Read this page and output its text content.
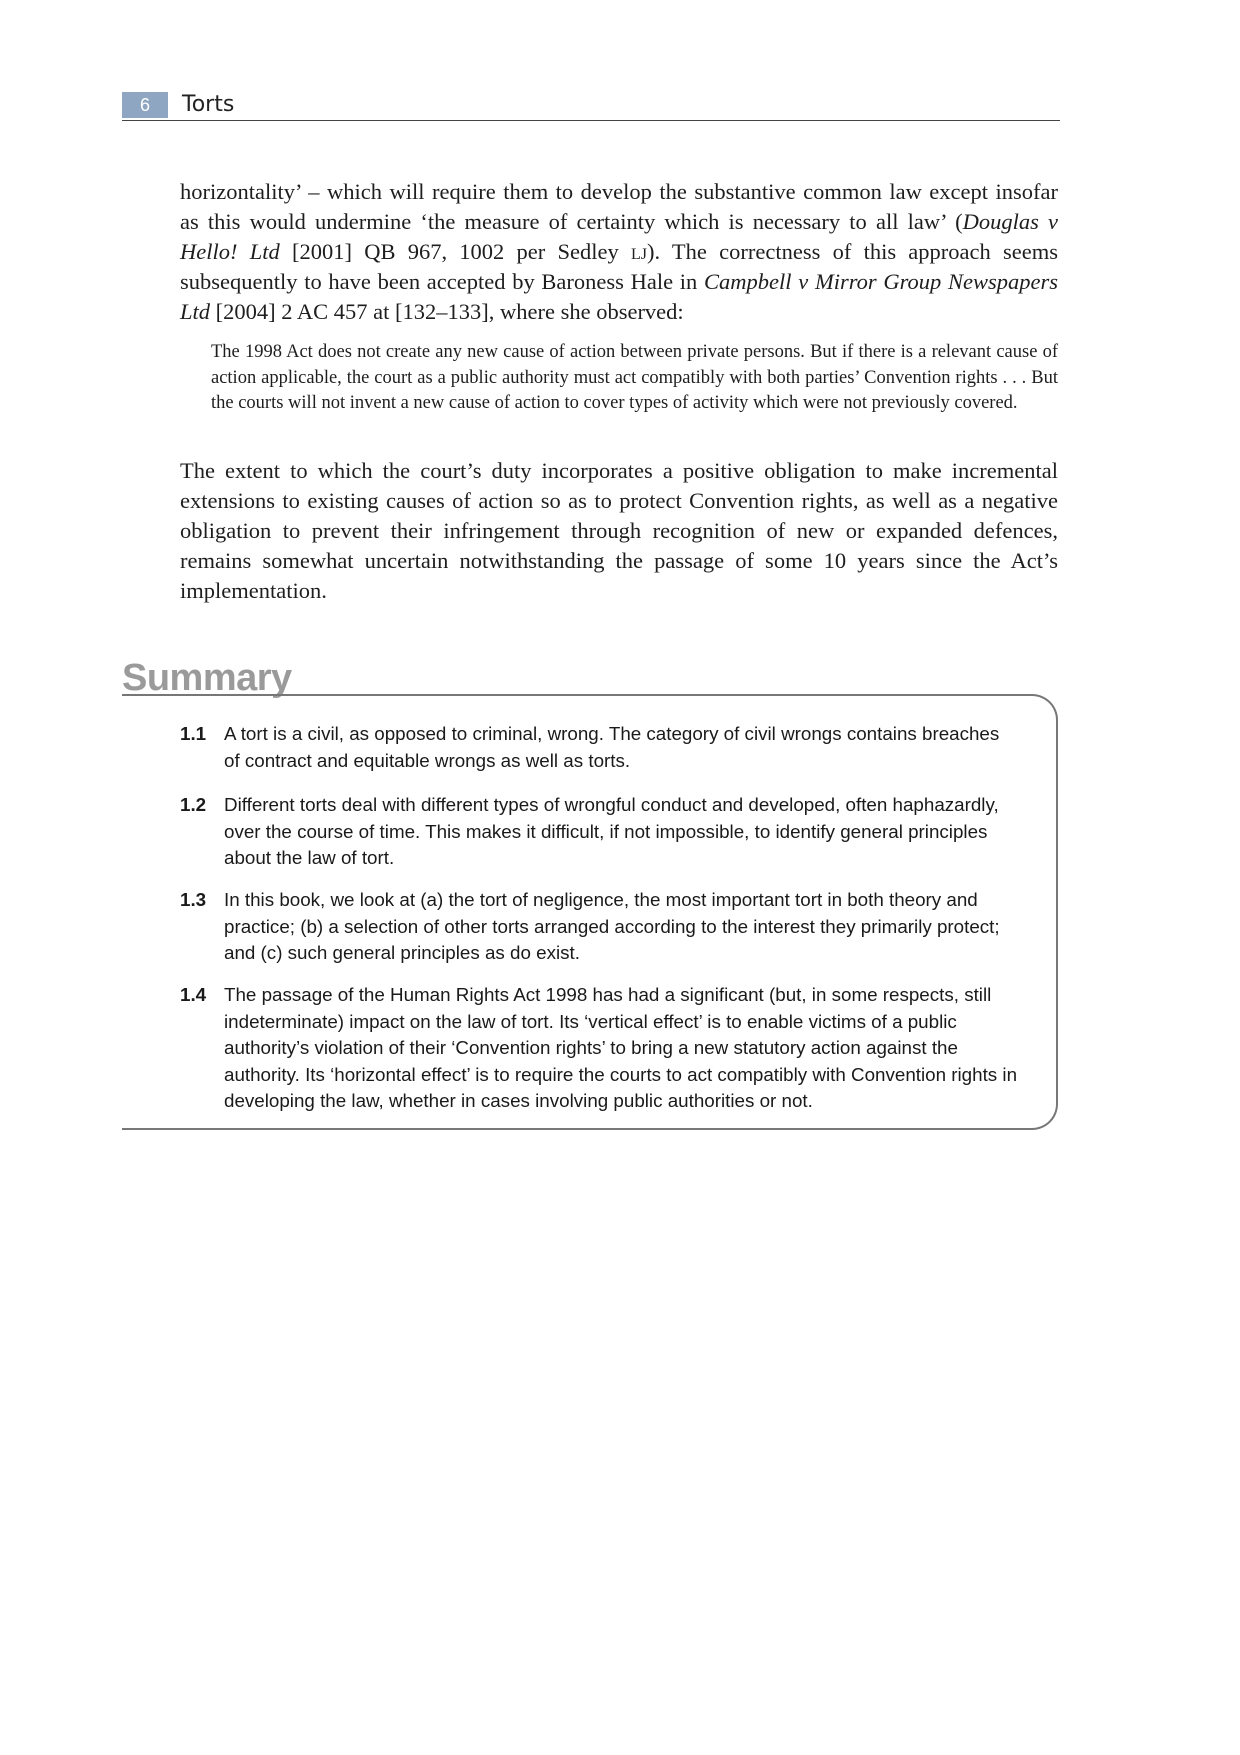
6	Torts

horizontality’ – which will require them to develop the substantive common law except insofar as this would undermine ‘the measure of certainty which is necessary to all law’ (Douglas v Hello! Ltd [2001] QB 967, 1002 per Sedley lj). The correctness of this approach seems subsequently to have been accepted by Baroness Hale in Campbell v Mirror Group Newspapers Ltd [2004] 2 AC 457 at [132–133], where she observed:

The 1998 Act does not create any new cause of action between private persons. But if there is a relevant cause of action applicable, the court as a public authority must act compatibly with both parties’ Convention rights . . . But the courts will not invent a new cause of action to cover types of activity which were not previously covered.

The extent to which the court’s duty incorporates a positive obligation to make incremental extensions to existing causes of action so as to protect Convention rights, as well as a negative obligation to prevent their infringement through recognition of new or expanded defences, remains somewhat uncertain notwithstanding the passage of some 10 years since the Act’s implementation.

Summary
1.1 A tort is a civil, as opposed to criminal, wrong. The category of civil wrongs contains breaches of contract and equitable wrongs as well as torts.
1.2 Different torts deal with different types of wrongful conduct and developed, often haphazardly, over the course of time. This makes it difficult, if not impossible, to identify general principles about the law of tort.
1.3 In this book, we look at (a) the tort of negligence, the most important tort in both theory and practice; (b) a selection of other torts arranged according to the interest they primarily protect; and (c) such general principles as do exist.
1.4 The passage of the Human Rights Act 1998 has had a significant (but, in some respects, still indeterminate) impact on the law of tort. Its ‘vertical effect’ is to enable victims of a public authority’s violation of their ‘Convention rights’ to bring a new statutory action against the authority. Its ‘horizontal effect’ is to require the courts to act compatibly with Convention rights in developing the law, whether in cases involving public authorities or not.
